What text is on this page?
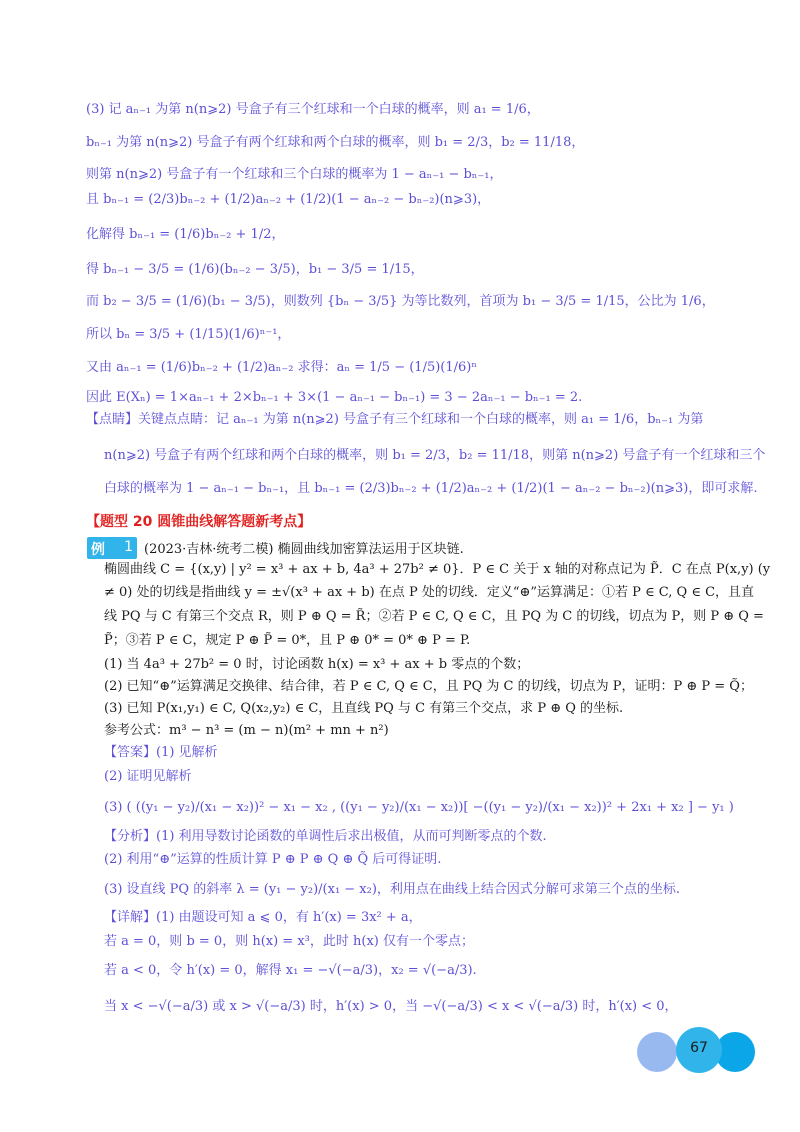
(3) 记 aₙ₋₁ 为第 n(n⩾2) 号盒子有三个红球和一个白球的概率，则 a₁ = 1/6，
bₙ₋₁ 为第 n(n⩾2) 号盒子有两个红球和两个白球的概率，则 b₁ = 2/3，b₂ = 11/18，
则第 n(n⩾2) 号盒子有一个红球和三个白球的概率为 1 − aₙ₋₁ − bₙ₋₁，
且 bₙ₋₁ = (2/3)bₙ₋₂ + (1/2)aₙ₋₂ + (1/2)(1 − aₙ₋₂ − bₙ₋₂)(n⩾3)，
化解得 bₙ₋₁ = (1/6)bₙ₋₂ + 1/2，
得 bₙ₋₁ − 3/5 = (1/6)(bₙ₋₂ − 3/5)，b₁ − 3/5 = 1/15，
而 b₂ − 3/5 = (1/6)(b₁ − 3/5)，则数列 {bₙ − 3/5} 为等比数列，首项为 b₁ − 3/5 = 1/15，公比为 1/6，
所以 bₙ = 3/5 + (1/15)(1/6)ⁿ⁻¹，
又由 aₙ₋₁ = (1/6)bₙ₋₂ + (1/2)aₙ₋₂ 求得：aₙ = 1/5 − (1/5)(1/6)ⁿ
因此 E(Xₙ) = 1×aₙ₋₁ + 2×bₙ₋₁ + 3×(1 − aₙ₋₁ − bₙ₋₁) = 3 − 2aₙ₋₁ − bₙ₋₁ = 2.
【点睛】关键点点睛：记 aₙ₋₁ 为第 n(n⩾2) 号盒子有三个红球和一个白球的概率，则 a₁ = 1/6，bₙ₋₁ 为第
n(n⩾2) 号盒子有两个红球和两个白球的概率，则 b₁ = 2/3，b₂ = 11/18，则第 n(n⩾2) 号盒子有一个红球和三个
白球的概率为 1 − aₙ₋₁ − bₙ₋₁，且 bₙ₋₁ = (2/3)bₙ₋₂ + (1/2)aₙ₋₂ + (1/2)(1 − aₙ₋₂ − bₙ₋₂)(n⩾3)，即可求解.
【题型 20 圆锥曲线解答题新考点】
例 1 (2023·吉林·统考二模) 椭圆曲线加密算法运用于区块链.
椭圆曲线 C = {(x,y) | y² = x³ + ax + b, 4a³ + 27b² ≠ 0}．P ∈ C 关于 x 轴的对称点记为 P̃．C 在点 P(x,y) (y
≠ 0) 处的切线是指曲线 y = ±√(x³ + ax + b) 在点 P 处的切线．定义“⊕”运算满足：①若 P ∈ C, Q ∈ C，且直
线 PQ 与 C 有第三个交点 R，则 P ⊕ Q = R̃；②若 P ∈ C, Q ∈ C，且 PQ 为 C 的切线，切点为 P，则 P ⊕ Q =
P̃；③若 P ∈ C，规定 P ⊕ P̃ = 0*，且 P ⊕ 0* = 0* ⊕ P = P.
(1) 当 4a³ + 27b² = 0 时，讨论函数 h(x) = x³ + ax + b 零点的个数；
(2) 已知“⊕”运算满足交换律、结合律，若 P ∈ C, Q ∈ C，且 PQ 为 C 的切线，切点为 P，证明：P ⊕ P = Q̃；
(3) 已知 P(x₁,y₁) ∈ C, Q(x₂,y₂) ∈ C，且直线 PQ 与 C 有第三个交点，求 P ⊕ Q 的坐标.
参考公式：m³ − n³ = (m − n)(m² + mn + n²)
【答案】(1) 见解析
(2) 证明见解析
(3) ( ((y₁ − y₂)/(x₁ − x₂))² − x₁ − x₂ , ((y₁ − y₂)/(x₁ − x₂))[ −((y₁ − y₂)/(x₁ − x₂))² + 2x₁ + x₂ ] − y₁ )
【分析】(1) 利用导数讨论函数的单调性后求出极值，从而可判断零点的个数.
(2) 利用“⊕”运算的性质计算 P ⊕ P ⊕ Q ⊕ Q̃ 后可得证明.
(3) 设直线 PQ 的斜率 λ = (y₁ − y₂)/(x₁ − x₂)，利用点在曲线上结合因式分解可求第三个点的坐标.
【详解】(1) 由题设可知 a ⩽ 0，有 h′(x) = 3x² + a，
若 a = 0，则 b = 0，则 h(x) = x³，此时 h(x) 仅有一个零点；
若 a < 0，令 h′(x) = 0，解得 x₁ = −√(−a/3)，x₂ = √(−a/3).
当 x < −√(−a/3) 或 x > √(−a/3) 时，h′(x) > 0，当 −√(−a/3) < x < √(−a/3) 时，h′(x) < 0，
67
